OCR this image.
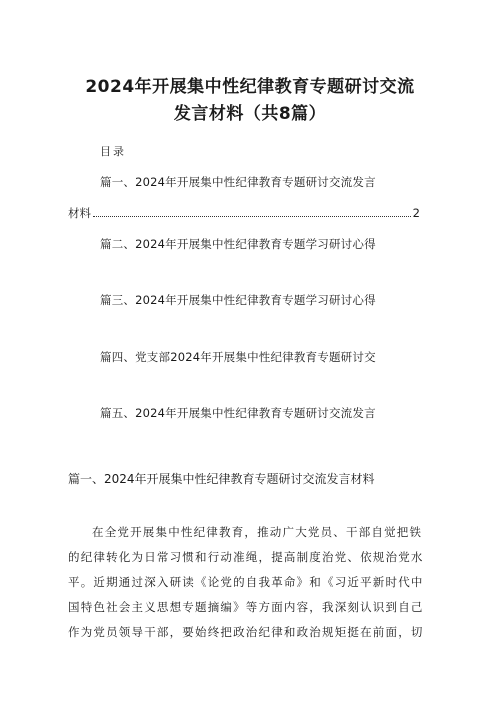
2024年开展集中性纪律教育专题研讨交流
发言材料（共8篇）
目录
篇一、2024年开展集中性纪律教育专题研讨交流发言
材料	2
篇二、2024年开展集中性纪律教育专题学习研讨心得
篇三、2024年开展集中性纪律教育专题学习研讨心得
篇四、党支部2024年开展集中性纪律教育专题研讨交
篇五、2024年开展集中性纪律教育专题研讨交流发言
篇一、2024年开展集中性纪律教育专题研讨交流发言材料
在全党开展集中性纪律教育，推动广大党员、干部自觉把铁
的纪律转化为日常习惯和行动准绳，提高制度治党、依规治党水
平。近期通过深入研读《论党的自我革命》和《习近平新时代中
国特色社会主义思想专题摘编》等方面内容，我深刻认识到自己
作为党员领导干部，要始终把政治纪律和政治规矩挺在前面，切
